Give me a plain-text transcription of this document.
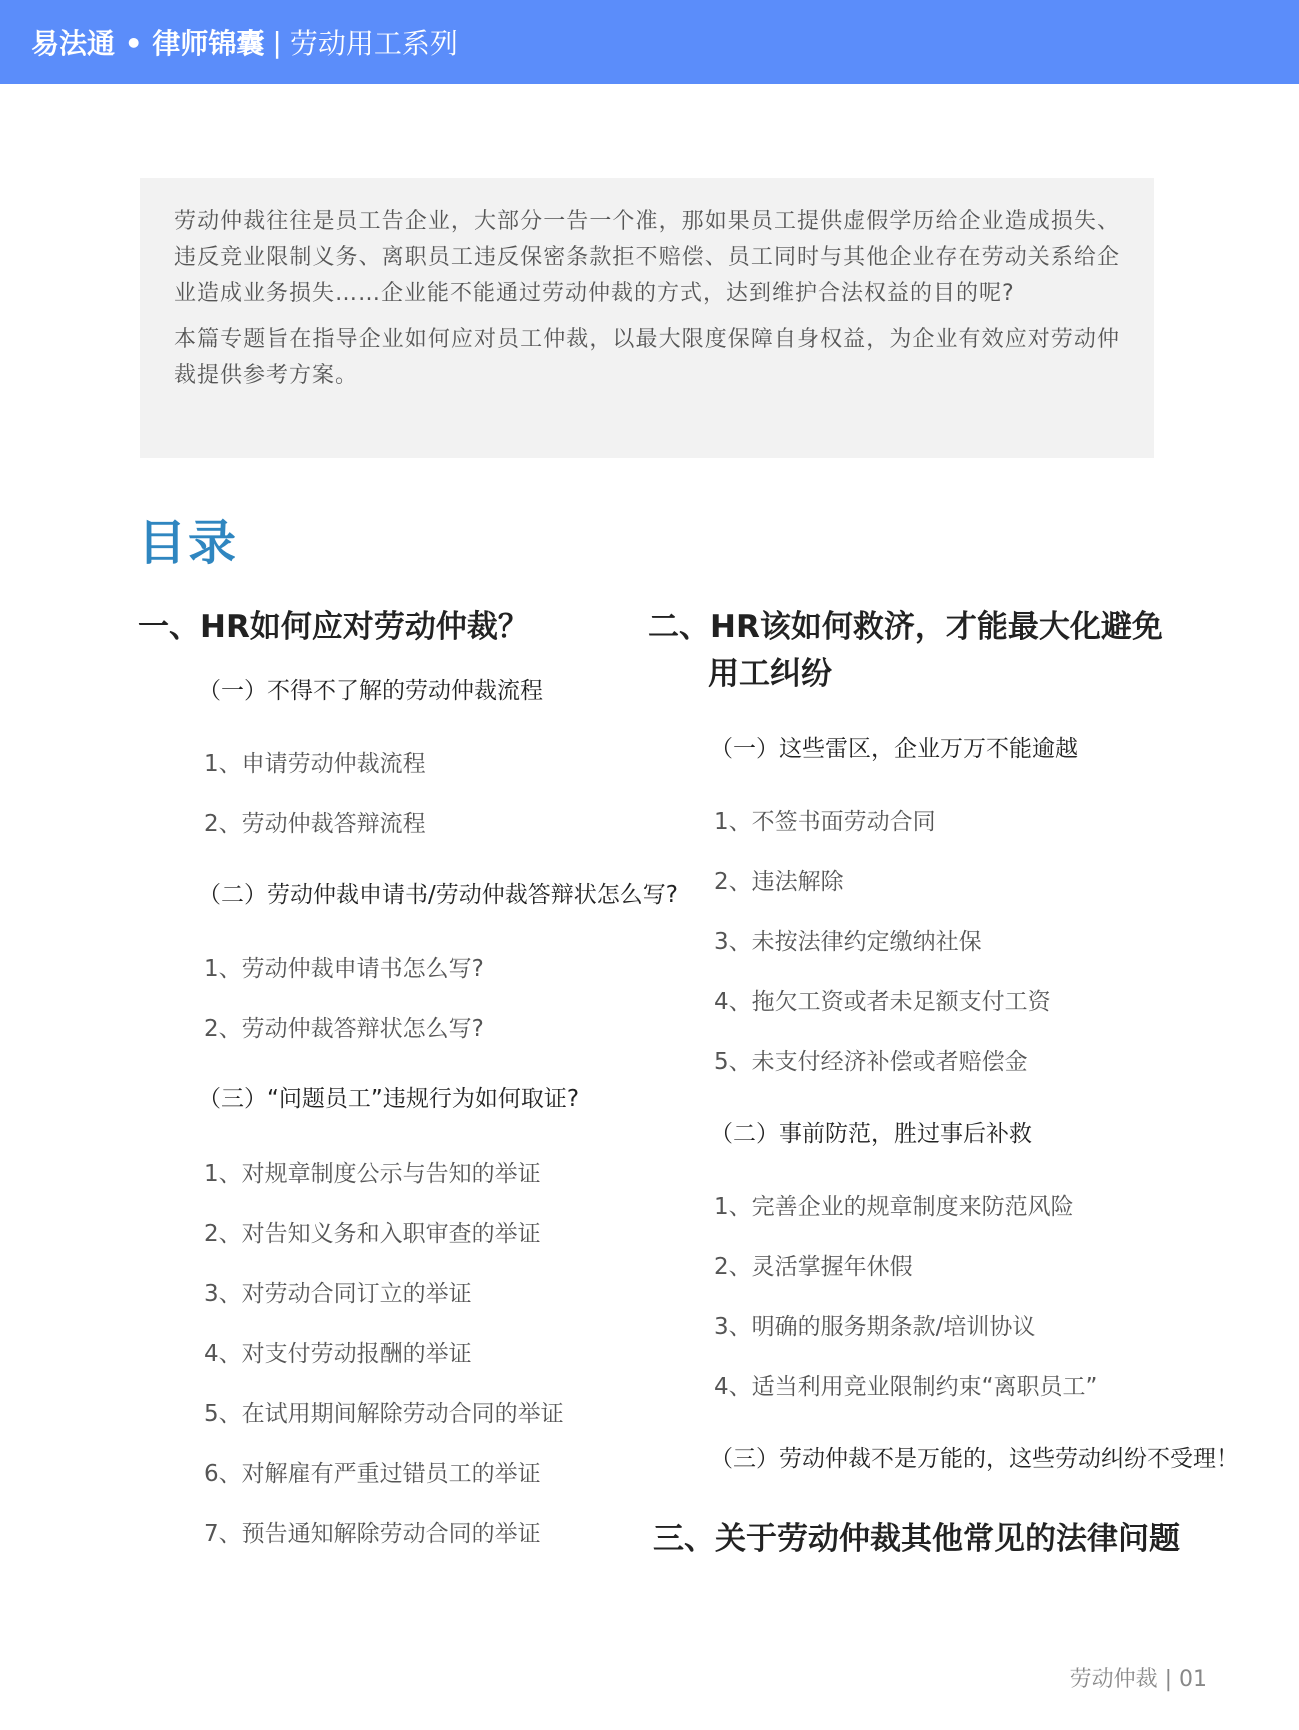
易法通 • 律师锦囊 | 劳动用工系列

劳动仲裁往往是员工告企业，大部分一告一个准，那如果员工提供虚假学历给企业造成损失、违反竞业限制义务、离职员工违反保密条款拒不赔偿、员工同时与其他企业存在劳动关系给企业造成业务损失……企业能不能通过劳动仲裁的方式，达到维护合法权益的目的呢?

本篇专题旨在指导企业如何应对员工仲裁，以最大限度保障自身权益，为企业有效应对劳动仲裁提供参考方案。

目录
一、HR如何应对劳动仲裁？
（一）不得不了解的劳动仲裁流程
1、申请劳动仲裁流程
2、劳动仲裁答辩流程
（二）劳动仲裁申请书/劳动仲裁答辩状怎么写?
1、劳动仲裁申请书怎么写?
2、劳动仲裁答辩状怎么写?
（三）“问题员工”违规行为如何取证?
1、对规章制度公示与告知的举证
2、对告知义务和入职审查的举证
3、对劳动合同订立的举证
4、对支付劳动报酬的举证
5、在试用期间解除劳动合同的举证
6、对解雇有严重过错员工的举证
7、预告通知解除劳动合同的举证
二、HR该如何救济，才能最大化避免
用工纠纷
（一）这些雷区，企业万万不能逾越
1、不签书面劳动合同
2、违法解除
3、未按法律约定缴纳社保
4、拖欠工资或者未足额支付工资
5、未支付经济补偿或者赔偿金
（二）事前防范，胜过事后补救
1、完善企业的规章制度来防范风险
2、灵活掌握年休假
3、明确的服务期条款/培训协议
4、适当利用竞业限制约束“离职员工”
（三）劳动仲裁不是万能的，这些劳动纠纷不受理！
三、关于劳动仲裁其他常见的法律问题
劳动仲裁 | 01
